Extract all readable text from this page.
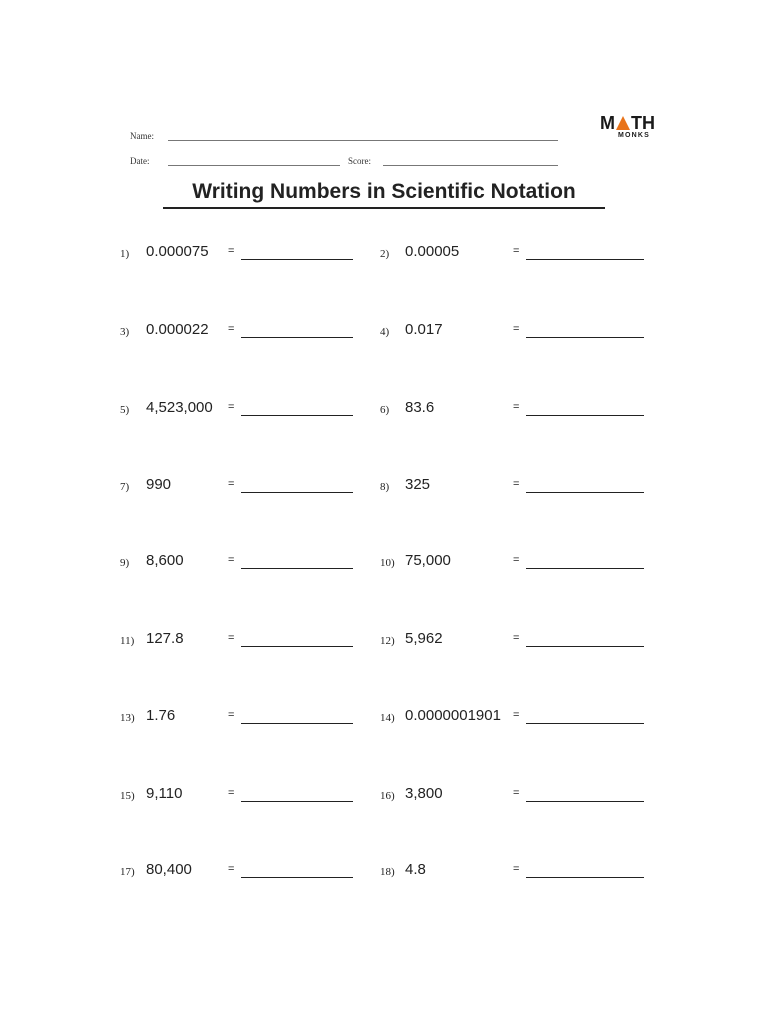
Name:
Date:	Score:
M TH
MONKS
Writing Numbers in Scientific Notation
1) 0.000075 =	2) 0.00005	=
3) 0.000022 =	4) 0.017	=
5) 4,523,000 =	6) 83.6	=
7) 990	=	8) 325	=
9) 8,600	=	10) 75,000	=
11) 127.8	=	12) 5,962	=
13) 1.76	=	14) 0.0000001901 =
15) 9,110	=	16) 3,800	=
17) 80,400	=	18) 4.8	=
